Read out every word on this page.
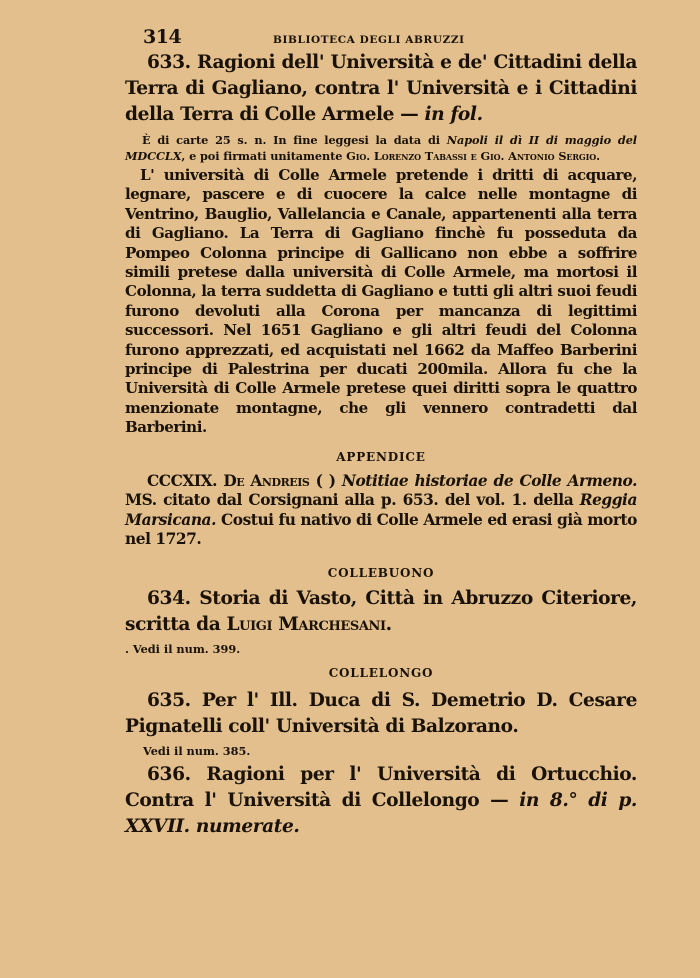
314	BIBLIOTECA DEGLI ABRUZZI

633. Ragioni dell' Università e de' Cittadini della Terra di Gagliano, contra l' Università e i Cittadini della Terra di Colle Armele — in fol.

È di carte 25 s. n. In fine leggesi la data di Napoli il dì II di maggio del MDCCLX, e poi firmati unitamente Gio. Lorenzo Tabassi e Gio. Antonio Sergio.

L' università di Colle Armele pretende i dritti di acquare, legnare, pascere e di cuocere la calce nelle montagne di Ventrino, Bauglio, Vallelancia e Canale, appartenenti alla terra di Gagliano. La Terra di Gagliano finchè fu posseduta da Pompeo Colonna principe di Gallicano non ebbe a soffrire simili pretese dalla università di Colle Armele, ma mortosi il Colonna, la terra suddetta di Gagliano e tutti gli altri suoi feudi furono devoluti alla Corona per mancanza di legittimi successori. Nel 1651 Gagliano e gli altri feudi del Colonna furono apprezzati, ed acquistati nel 1662 da Maffeo Barberini principe di Palestrina per ducati 200mila. Allora fu che la Università di Colle Armele pretese quei diritti sopra le quattro menzionate montagne, che gli vennero contradetti dal Barberini.

APPENDICE

CCCXIX. De Andreis ( ) Notitiae historiae de Colle Armeno. MS. citato dal Corsignani alla p. 653. del vol. 1. della Reggia Marsicana. Costui fu nativo di Colle Armele ed erasi già morto nel 1727.

COLLEBUONO

634. Storia di Vasto, Città in Abruzzo Citeriore, scritta da Luigi Marchesani.

. Vedi il num. 399.

COLLELONGO

635. Per l' Ill. Duca di S. Demetrio D. Cesare Pignatelli coll' Università di Balzorano.

Vedi il num. 385.

636. Ragioni per l' Università di Ortucchio. Contra l' Università di Collelongo — in 8.° di p. XXVII. numerate.
